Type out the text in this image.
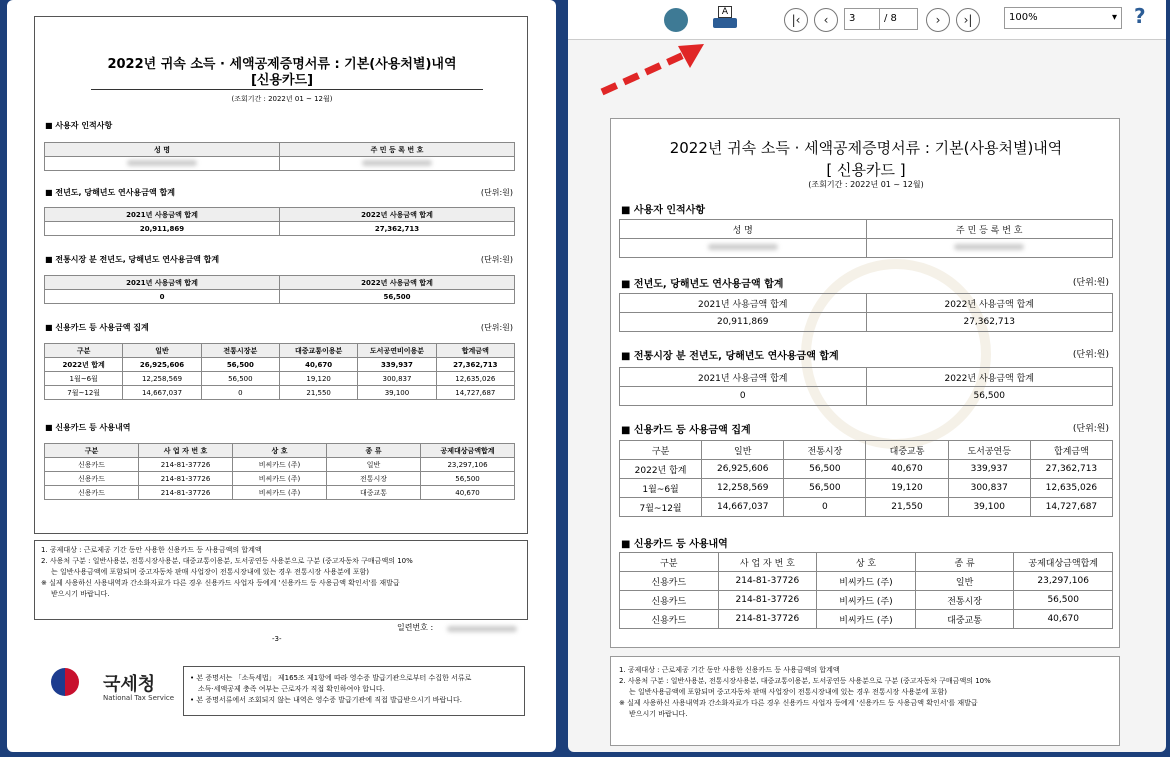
2022년 귀속 소득 · 세액공제증명서류 : 기본(사용처별)내역
[신용카드]
(조회기간 : 2022년 01 ~ 12월)
■ 사용자 인적사항
성 명	주 민 등 록 번 호

■ 전년도, 당해년도 연사용금액 합계	(단위:원)
2021년 사용금액 합계	2022년 사용금액 합계
20,911,869	27,362,713
■ 전통시장 분 전년도, 당해년도 연사용금액 합계	(단위:원)
2021년 사용금액 합계	2022년 사용금액 합계
0	56,500
■ 신용카드 등 사용금액 집계	(단위:원)
구분	일반	전통시장분	대중교통이용분	도서공연비이용분	합계금액
2022년 합계	26,925,606	56,500	40,670	339,937	27,362,713
1월~6월	12,258,569	56,500	19,120	300,837	12,635,026
7월~12월	14,667,037	0	21,550	39,100	14,727,687
■ 신용카드 등 사용내역
구분	사 업 자 번 호	상 호	종 류	공제대상금액합계
신용카드	214-81-37726	비씨카드 (주)	일반	23,297,106
신용카드	214-81-37726	비씨카드 (주)	전통시장	56,500
신용카드	214-81-37726	비씨카드 (주)	대중교통	40,670
1. 공제대상 : 근로제공 기간 동안 사용한 신용카드 등 사용금액의 합계액
2. 사용처 구분 : 일반사용분, 전통시장사용분, 대중교통이용분, 도서공연등 사용분으로 구분 (중고자동차 구매금액의 10%
는 일반사용금액에 포함되며 중고자동차 판매 사업장이 전통시장내에 있는 경우 전통시장 사용분에 포함)
※ 실제 사용하신 사용내역과 간소화자료가 다른 경우 신용카드 사업자 등에게 '신용카드 등 사용금액 확인서'를 재발급
받으시기 바랍니다.
일련번호 :
-3-
국세청
National Tax Service
• 본 증명서는 「소득세법」 제165조 제1항에 따라 영수증 발급기관으로부터 수집한 서류로
소득·세액공제 충족 여부는 근로자가 직접 확인하여야 합니다.
• 본 증명서류에서 조회되지 않는 내역은 영수증 발급기관에 직접 발급받으시기 바랍니다.
A
|‹	‹	3	/ 8	›	›|	100%	▾ ?
2022년 귀속 소득 · 세액공제증명서류 : 기본(사용처별)내역
[ 신용카드 ]
(조회기간 : 2022년 01 ~ 12월)
■ 사용자 인적사항
성 명	주 민 등 록 번 호

■ 전년도, 당해년도 연사용금액 합계	(단위:원)
2021년 사용금액 합계	2022년 사용금액 합계
20,911,869	27,362,713
■ 전통시장 분 전년도, 당해년도 연사용금액 합계	(단위:원)
2021년 사용금액 합계	2022년 사용금액 합계
0	56,500
■ 신용카드 등 사용금액 집계	(단위:원)
구분	일반	전통시장	대중교통	도서공연등	합계금액
2022년 합계	26,925,606	56,500	40,670	339,937	27,362,713
1월~6월	12,258,569	56,500	19,120	300,837	12,635,026
7월~12월	14,667,037	0	21,550	39,100	14,727,687
■ 신용카드 등 사용내역
구분	사 업 자 번 호	상 호	종 류	공제대상금액합계
신용카드	214-81-37726	비씨카드 (주)	일반	23,297,106
신용카드	214-81-37726	비씨카드 (주)	전통시장	56,500
신용카드	214-81-37726	비씨카드 (주)	대중교통	40,670
1. 공제대상 : 근로제공 기간 동안 사용한 신용카드 등 사용금액의 합계액
2. 사용처 구분 : 일반사용분, 전통시장사용분, 대중교통이용분, 도서공연등 사용분으로 구분 (중고자동차 구매금액의 10%
는 일반사용금액에 포함되며 중고자동차 판매 사업장이 전통시장내에 있는 경우 전통시장 사용분에 포함)
※ 실제 사용하신 사용내역과 간소화자료가 다른 경우 신용카드 사업자 등에게 '신용카드 등 사용금액 확인서'를 재발급
받으시기 바랍니다.
